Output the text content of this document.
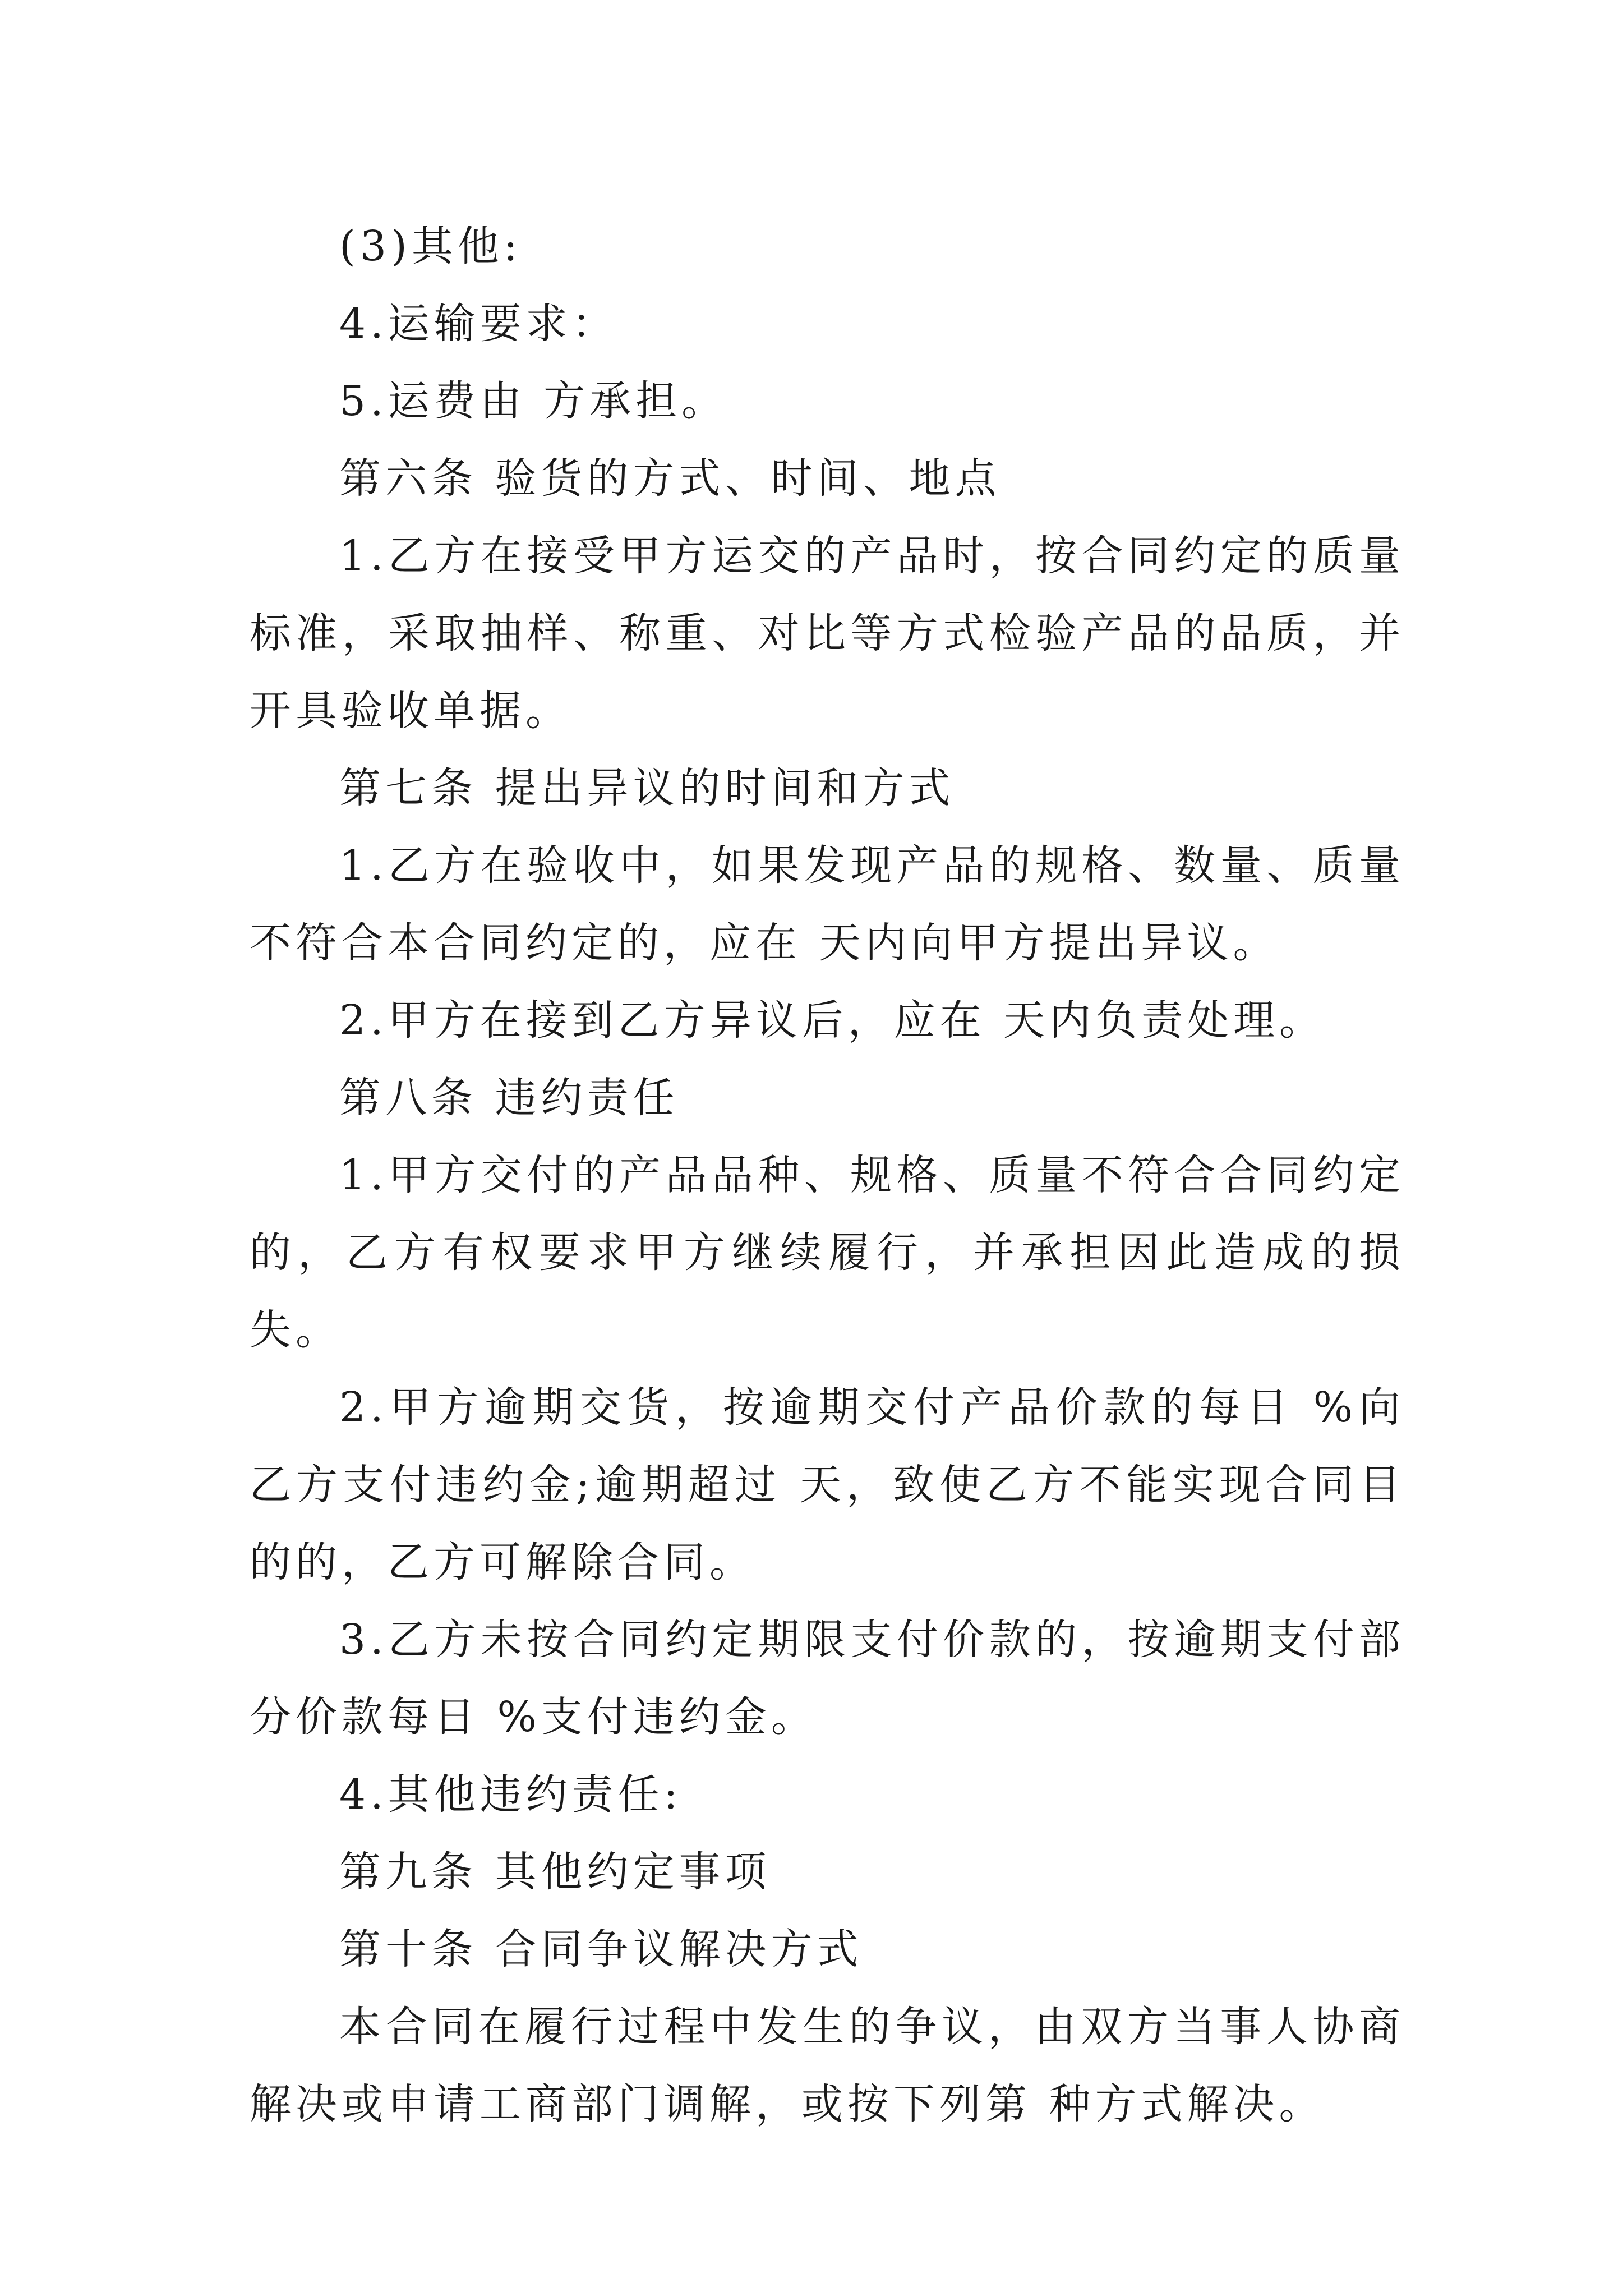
(3)其他:

4.运输要求：

5.运费由 方承担。

第六条 验货的方式、时间、地点

1.乙方在接受甲方运交的产品时，按合同约定的质量标准，采取抽样、称重、对比等方式检验产品的品质，并开具验收单据。

第七条 提出异议的时间和方式

1.乙方在验收中，如果发现产品的规格、数量、质量不符合本合同约定的，应在 天内向甲方提出异议。

2.甲方在接到乙方异议后，应在 天内负责处理。

第八条 违约责任

1.甲方交付的产品品种、规格、质量不符合合同约定的，乙方有权要求甲方继续履行，并承担因此造成的损失。

2.甲方逾期交货，按逾期交付产品价款的每日 %向乙方支付违约金;逾期超过 天，致使乙方不能实现合同目的的，乙方可解除合同。

3.乙方未按合同约定期限支付价款的，按逾期支付部分价款每日 %支付违约金。

4.其他违约责任:

第九条 其他约定事项

第十条 合同争议解决方式

本合同在履行过程中发生的争议，由双方当事人协商解决或申请工商部门调解，或按下列第 种方式解决。
